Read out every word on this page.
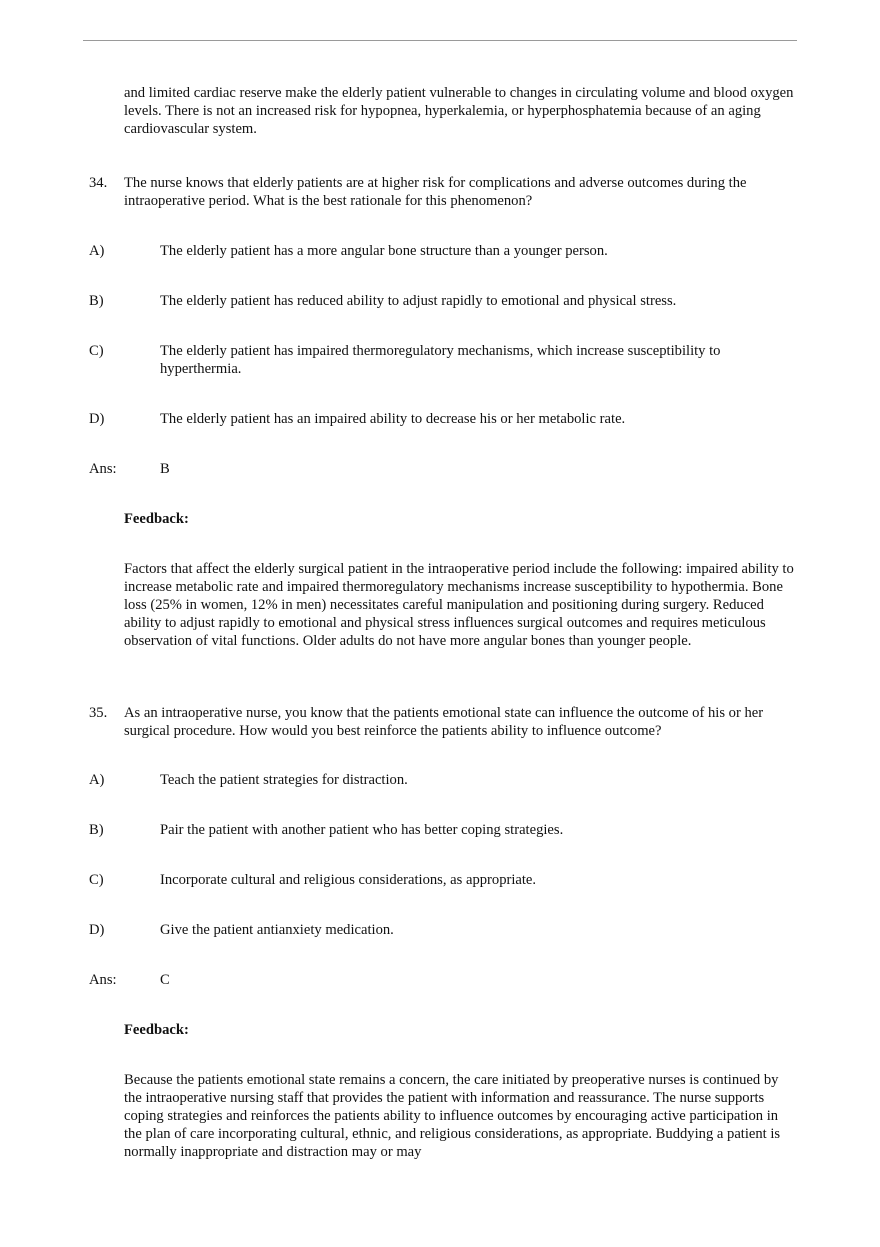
and limited cardiac reserve make the elderly patient vulnerable to changes in circulating volume and blood oxygen levels. There is not an increased risk for hypopnea, hyperkalemia, or hyperphosphatemia because of an aging cardiovascular system.

34. The nurse knows that elderly patients are at higher risk for complications and adverse outcomes during the intraoperative period. What is the best rationale for this phenomenon?

A)	The elderly patient has a more angular bone structure than a younger person.
B)	The elderly patient has reduced ability to adjust rapidly to emotional and physical stress.
C)	The elderly patient has impaired thermoregulatory mechanisms, which increase susceptibility to hyperthermia.
D)	The elderly patient has an impaired ability to decrease his or her metabolic rate.
Ans:	B

Feedback:

Factors that affect the elderly surgical patient in the intraoperative period include the following: impaired ability to increase metabolic rate and impaired thermoregulatory mechanisms increase susceptibility to hypothermia. Bone loss (25% in women, 12% in men) necessitates careful manipulation and positioning during surgery. Reduced ability to adjust rapidly to emotional and physical stress influences surgical outcomes and requires meticulous observation of vital functions. Older adults do not have more angular bones than younger people.

35. As an intraoperative nurse, you know that the patients emotional state can influence the outcome of his or her surgical procedure. How would you best reinforce the patients ability to influence outcome?

A)	Teach the patient strategies for distraction.
B)	Pair the patient with another patient who has better coping strategies.
C)	Incorporate cultural and religious considerations, as appropriate.
D)	Give the patient antianxiety medication.
Ans:	C

Feedback:

Because the patients emotional state remains a concern, the care initiated by preoperative nurses is continued by the intraoperative nursing staff that provides the patient with information and reassurance. The nurse supports coping strategies and reinforces the patients ability to influence outcomes by encouraging active participation in the plan of care incorporating cultural, ethnic, and religious considerations, as appropriate. Buddying a patient is normally inappropriate and distraction may or may
